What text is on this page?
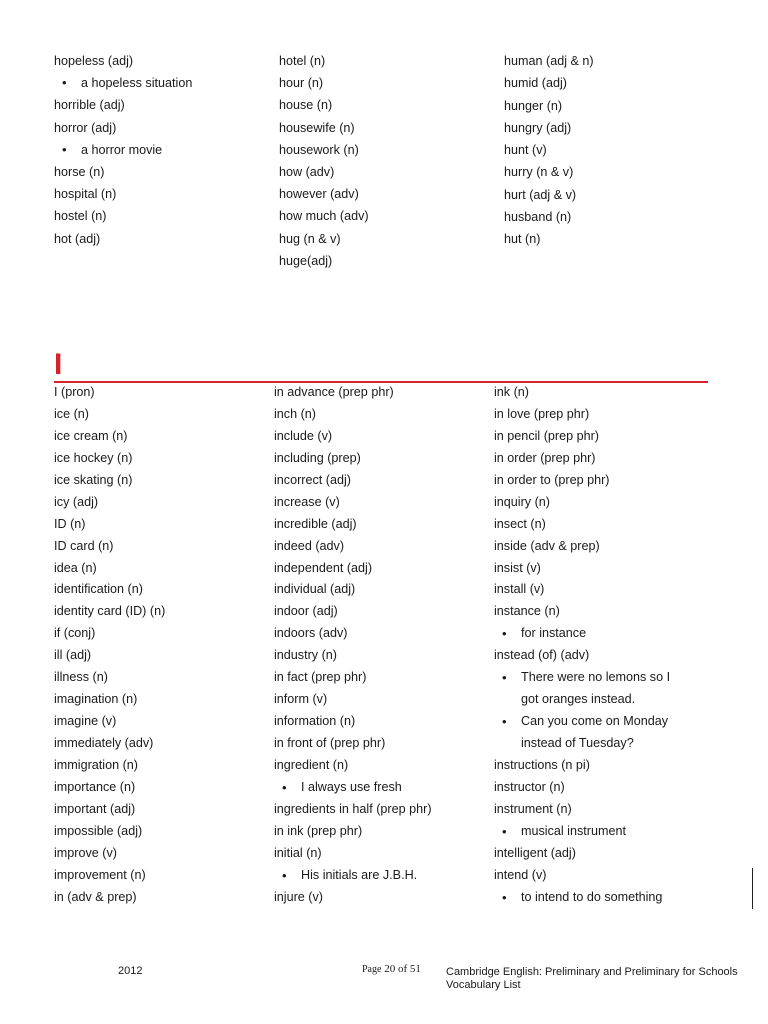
hopeless (adj)
• a hopeless situation
horrible (adj)
horror (adj)
• a horror movie
horse (n)
hospital (n)
hostel (n)
hot (adj)
hotel (n)
hour (n)
house (n)
housewife (n)
housework (n)
how (adv)
however (adv)
how much (adv)
hug (n & v)
huge(adj)
human (adj & n)
humid (adj)
hunger (n)
hungry (adj)
hunt (v)
hurry (n & v)
hurt (adj & v)
husband (n)
hut (n)
I
I (pron)
ice (n)
ice cream (n)
ice hockey (n)
ice skating (n)
icy (adj)
ID (n)
ID card (n)
idea (n)
identification (n)
identity card (ID) (n)
if (conj)
ill (adj)
illness (n)
imagination (n)
imagine (v)
immediately (adv)
immigration (n)
importance (n)
important (adj)
impossible (adj)
improve (v)
improvement (n)
in (adv & prep)
in advance (prep phr)
inch (n)
include (v)
including (prep)
incorrect (adj)
increase (v)
incredible (adj)
indeed (adv)
independent (adj)
individual (adj)
indoor (adj)
indoors (adv)
industry (n)
in fact (prep phr)
inform (v)
information (n)
in front of (prep phr)
ingredient (n)
• I always use fresh
ingredients in half (prep phr)
in ink (prep phr)
initial (n)
• His initials are J.B.H.
injure (v)
ink (n)
in love (prep phr)
in pencil (prep phr)
in order (prep phr)
in order to (prep phr)
inquiry (n)
insect (n)
inside (adv & prep)
insist (v)
install (v)
instance (n)
• for instance
instead (of) (adv)
• There were no lemons so I
got oranges instead.
• Can you come on Monday
instead of Tuesday?
instructions (n pi)
instructor (n)
instrument (n)
• musical instrument
intelligent (adj)
intend (v)
• to intend to do something
2012	Page 20 of 51 Cambridge English: Preliminary and Preliminary for Schools
Vocabulary List
